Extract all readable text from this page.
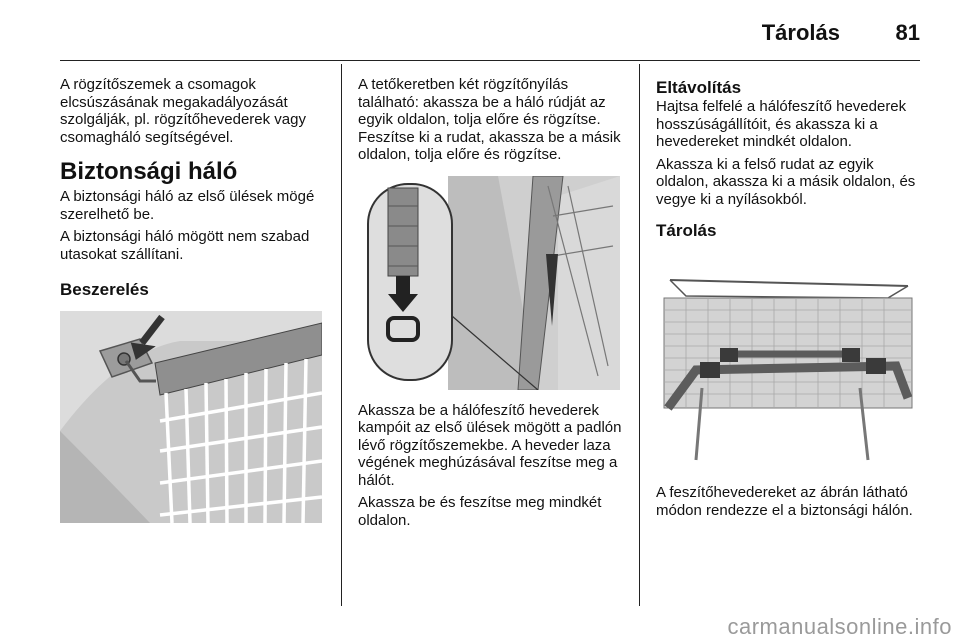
Tárolás	81

A rögzítőszemek a csomagok elcsúszásának megakadályozását szolgálják, pl. rögzítőhevederek vagy csomagháló segítségével.

Biztonsági háló

A biztonsági háló az első ülések mögé szerelhető be.

A biztonsági háló mögött nem szabad utasokat szállítani.

Beszerelés

A tetőkeretben két rögzítőnyílás található: akassza be a háló rúdját az egyik oldalon, tolja előre és rögzítse. Feszítse ki a rudat, akassza be a másik oldalon, tolja előre és rögzítse.

Akassza be a hálófeszítő hevederek kampóit az első ülések mögött a padlón lévő rögzítőszemekbe. A heveder laza végének meghúzásával feszítse meg a hálót.

Akassza be és feszítse meg mindkét oldalon.

Eltávolítás

Hajtsa felfelé a hálófeszítő hevederek hosszúságállítóit, és akassza ki a hevedereket mindkét oldalon.

Akassza ki a felső rudat az egyik oldalon, akassza ki a másik oldalon, és vegye ki a nyílásokból.

Tárolás

A feszítőhevedereket az ábrán látható módon rendezze el a biztonsági hálón.

carmanualsonline.info
